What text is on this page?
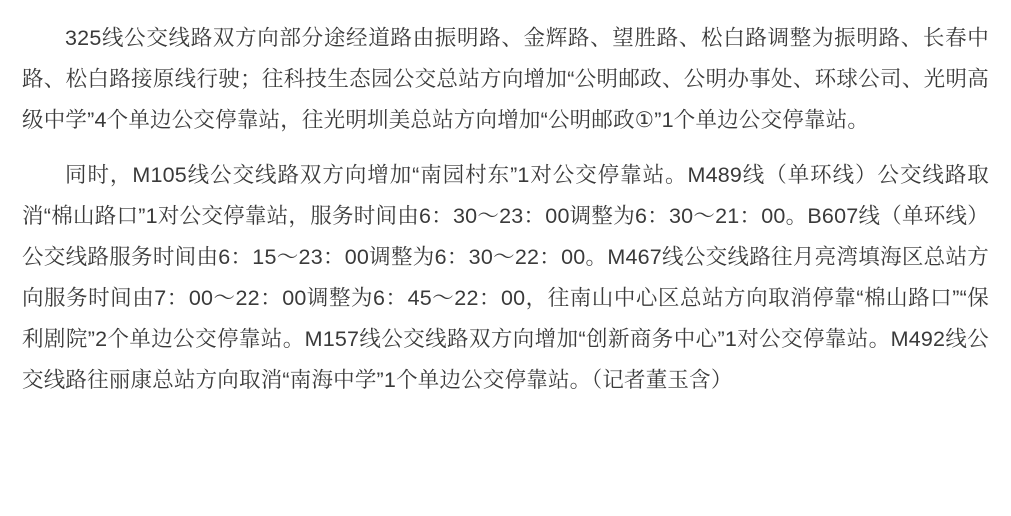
325线公交线路双方向部分途经道路由振明路、金辉路、望胜路、松白路调整为振明路、长春中路、松白路接原线行驶；往科技生态园公交总站方向增加“公明邮政、公明办事处、环球公司、光明高级中学”4个单边公交停靠站，往光明圳美总站方向增加“公明邮政①”1个单边公交停靠站。

同时，M105线公交线路双方向增加“南园村东”1对公交停靠站。M489线（单环线）公交线路取消“棉山路口”1对公交停靠站，服务时间由6：30～23：00调整为6：30～21：00。B607线（单环线）公交线路服务时间由6：15～23：00调整为6：30～22：00。M467线公交线路往月亮湾填海区总站方向服务时间由7：00～22：00调整为6：45～22：00，往南山中心区总站方向取消停靠“棉山路口”“保利剧院”2个单边公交停靠站。M157线公交线路双方向增加“创新商务中心”1对公交停靠站。M492线公交线路往丽康总站方向取消“南海中学”1个单边公交停靠站。（记者董玉含）
